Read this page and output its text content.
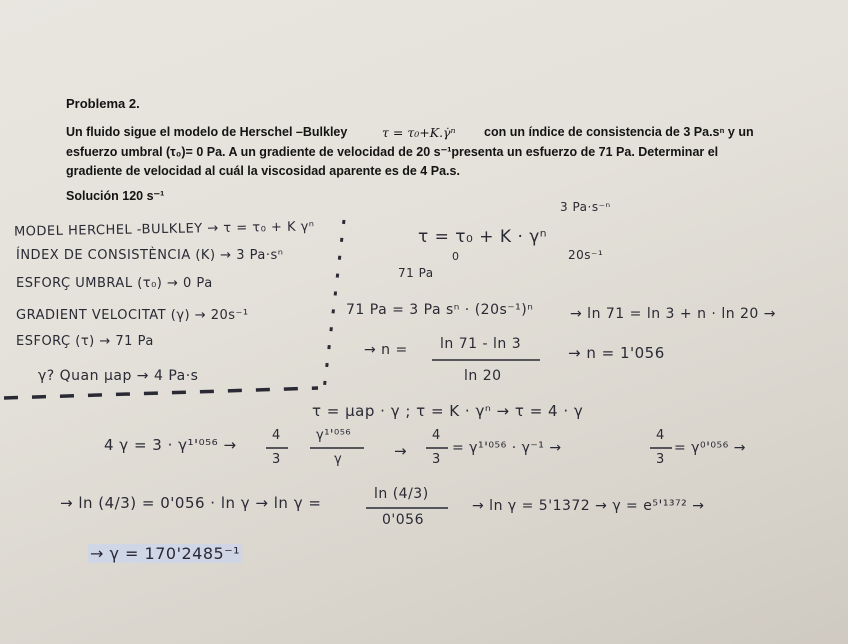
Problema 2.
Un fluido sigue el modelo de Herschel –Bulkley	τ = τ₀+K.γ̇ⁿ con un índice de consistencia de 3 Pa.sⁿ y un
esfuerzo umbral (τ₀)= 0 Pa. A un gradiente de velocidad de 20 s⁻¹presenta un esfuerzo de 71 Pa. Determinar el
gradiente de velocidad al cuál la viscosidad aparente es de 4 Pa.s.
Solución 120 s⁻¹
MODEL HERCHEL -BULKLEY → τ = τ₀ + K γⁿ
ÍNDEX DE CONSISTÈNCIA (K) → 3 Pa·sⁿ
ESFORÇ UMBRAL (τ₀) → 0 Pa
GRADIENT VELOCITAT (γ) → 20s⁻¹
ESFORÇ (τ) → 71 Pa
γ? Quan μap → 4 Pa·s
3 Pa·s⁻ⁿ
τ = τ₀ + K · γⁿ
0	20s⁻¹
71 Pa
71 Pa = 3 Pa sⁿ · (20s⁻¹)ⁿ	→ ln 71 = ln 3 + n · ln 20 →
→ n = ln 71 - ln 3
ln 20
→ n = 1'056
τ = μap · γ ; τ = K · γⁿ → τ = 4 · γ
4 γ = 3 · γ¹'⁰⁵⁶ →
4
3
γ¹'⁰⁵⁶
γ	→
4
3
= γ¹'⁰⁵⁶ · γ⁻¹ →
4
3
= γ⁰'⁰⁵⁶ →
→ ln (4/3) = 0'056 · ln γ → ln γ =	ln (4/3)
0'056
→ ln γ = 5'1372 → γ = e⁵'¹³⁷² →
→ γ = 170'2485⁻¹
